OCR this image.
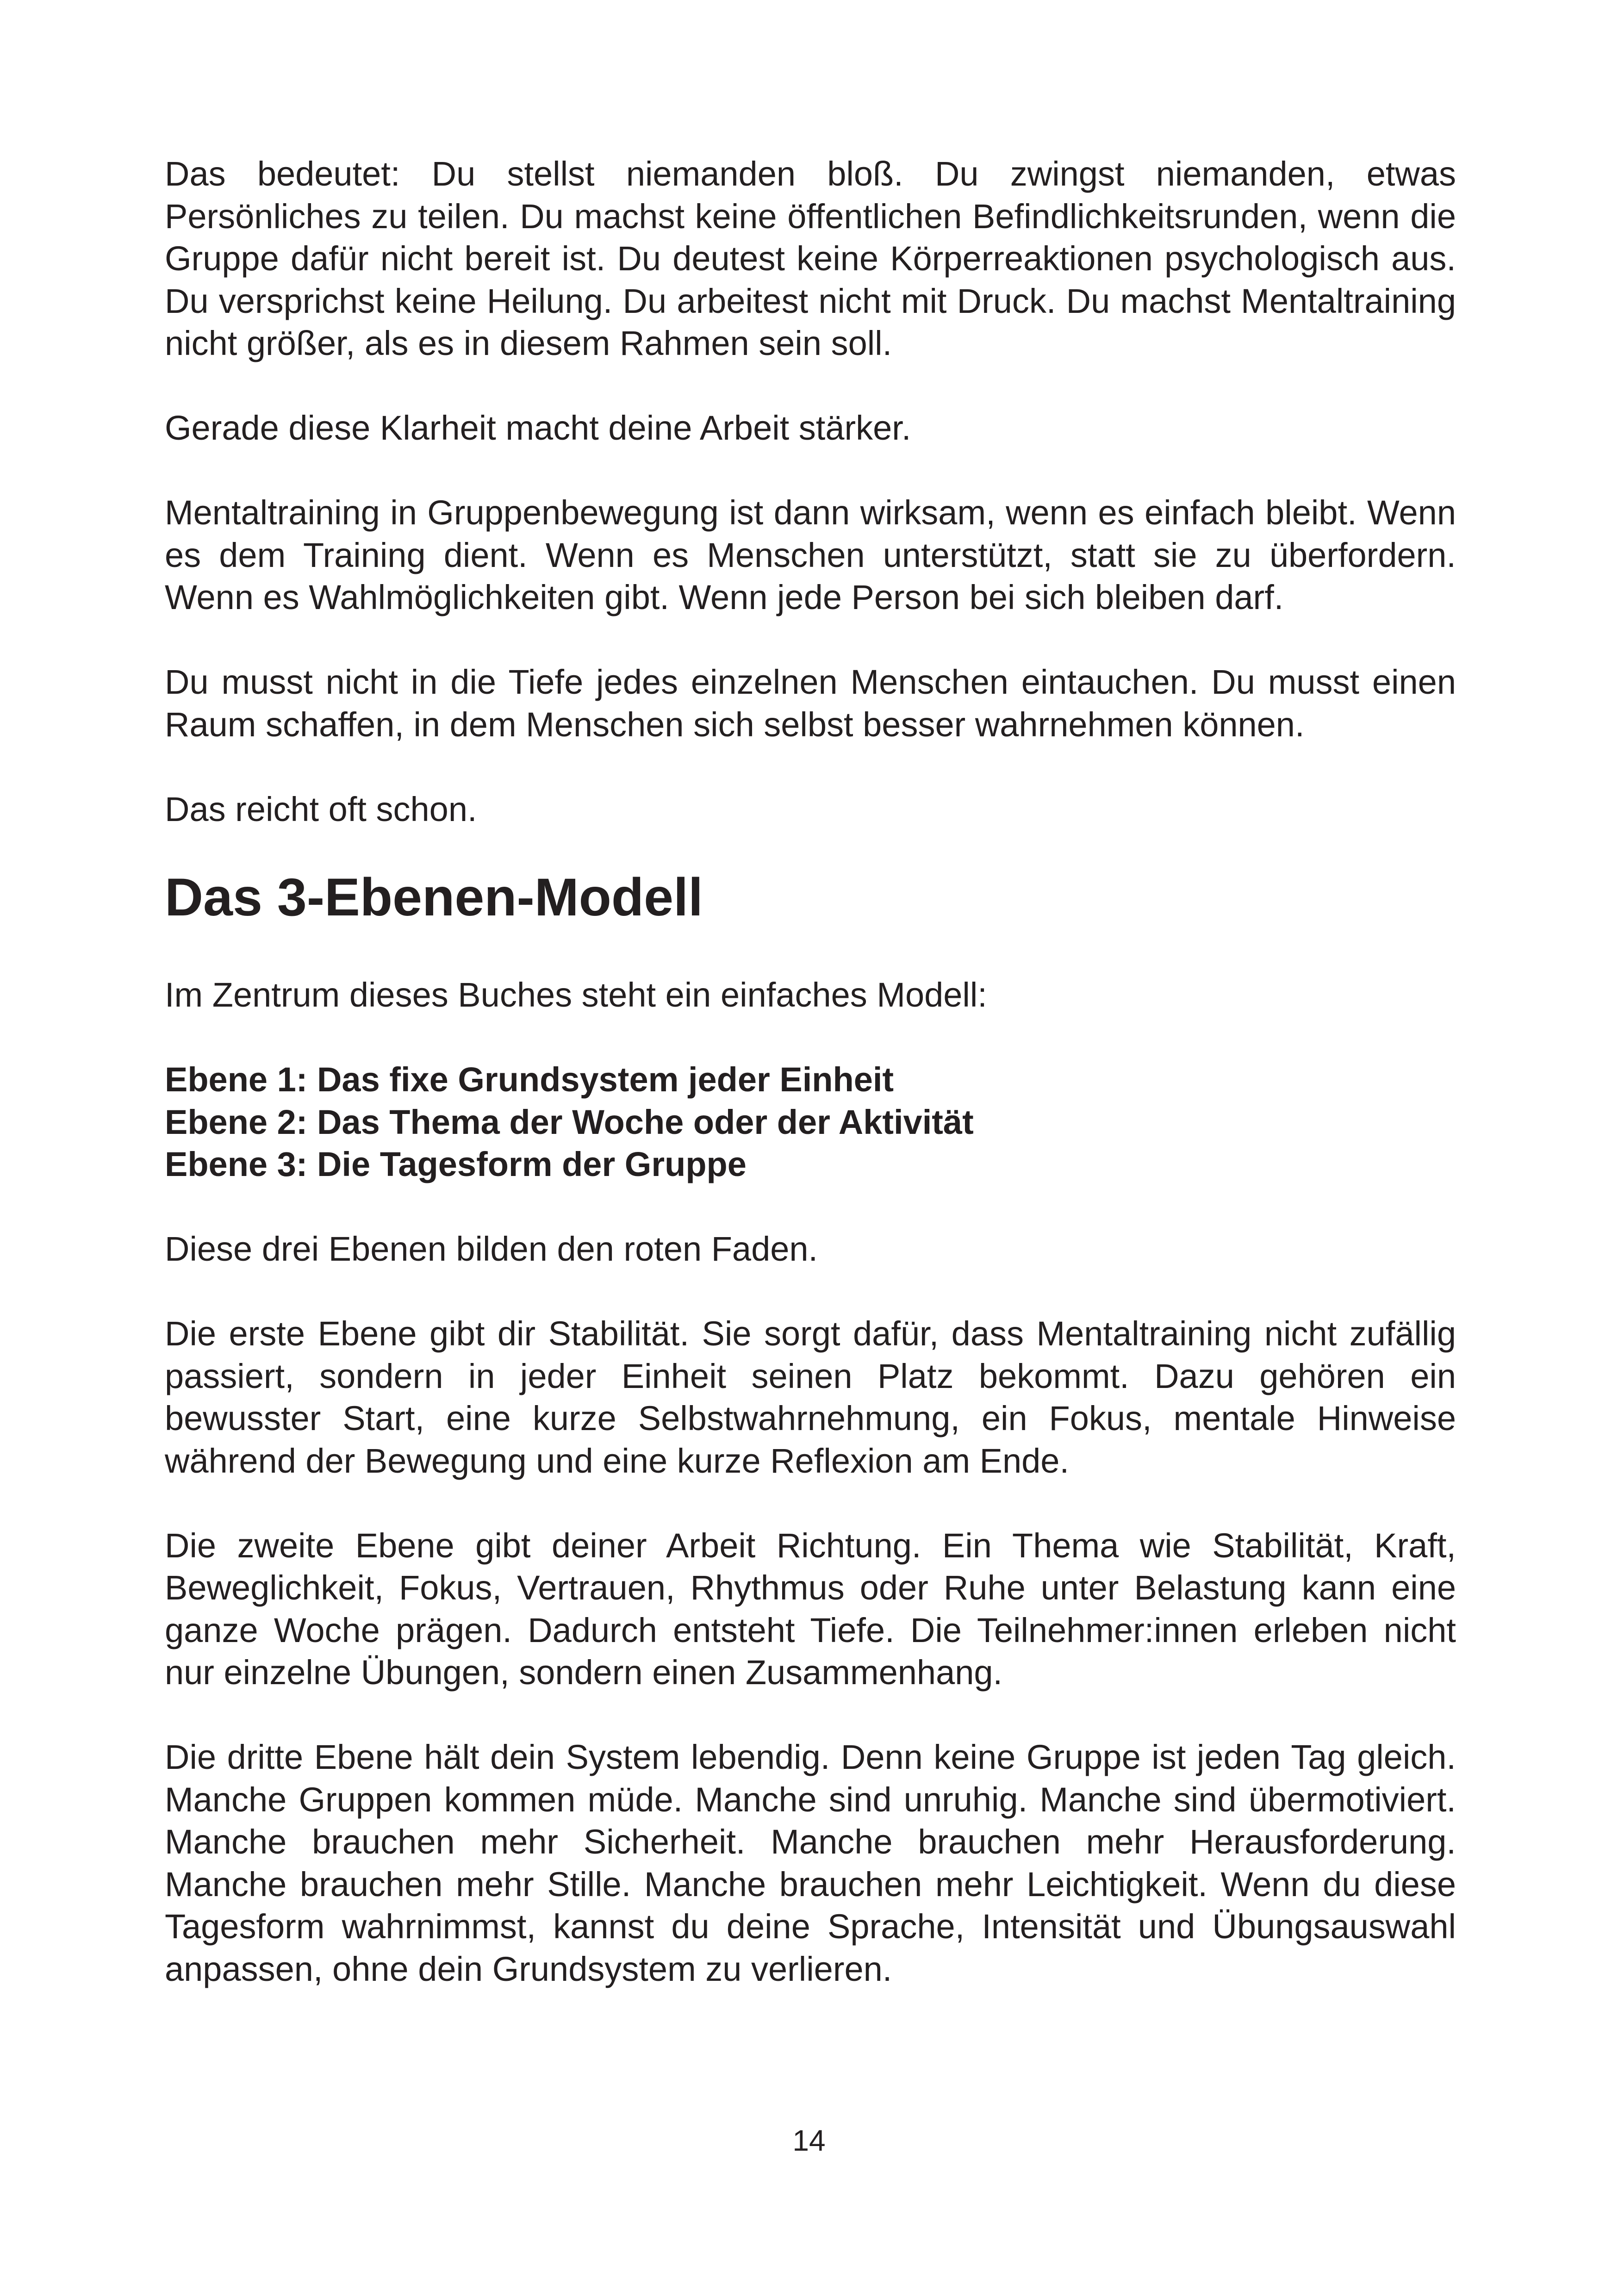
Das bedeutet: Du stellst niemanden bloß. Du zwingst niemanden, etwas Persönliches zu teilen. Du machst keine öffentlichen Befindlichkeitsrunden, wenn die Gruppe dafür nicht bereit ist. Du deutest keine Körperreaktionen psychologisch aus. Du versprichst keine Heilung. Du arbeitest nicht mit Druck. Du machst Mentaltraining nicht größer, als es in diesem Rahmen sein soll.

Gerade diese Klarheit macht deine Arbeit stärker.

Mentaltraining in Gruppenbewegung ist dann wirksam, wenn es einfach bleibt. Wenn es dem Training dient. Wenn es Menschen unterstützt, statt sie zu überfordern. Wenn es Wahlmöglichkeiten gibt. Wenn jede Person bei sich bleiben darf.

Du musst nicht in die Tiefe jedes einzelnen Menschen eintauchen. Du musst einen Raum schaffen, in dem Menschen sich selbst besser wahrnehmen können.

Das reicht oft schon.

Das 3-Ebenen-Modell

Im Zentrum dieses Buches steht ein einfaches Modell:

Ebene 1: Das fixe Grundsystem jeder Einheit
Ebene 2: Das Thema der Woche oder der Aktivität
Ebene 3: Die Tagesform der Gruppe

Diese drei Ebenen bilden den roten Faden.

Die erste Ebene gibt dir Stabilität. Sie sorgt dafür, dass Mentaltraining nicht zufällig passiert, sondern in jeder Einheit seinen Platz bekommt. Dazu gehören ein bewusster Start, eine kurze Selbstwahrnehmung, ein Fokus, mentale Hinweise während der Bewegung und eine kurze Reflexion am Ende.

Die zweite Ebene gibt deiner Arbeit Richtung. Ein Thema wie Stabilität, Kraft, Beweglichkeit, Fokus, Vertrauen, Rhythmus oder Ruhe unter Belastung kann eine ganze Woche prägen. Dadurch entsteht Tiefe. Die Teilnehmer:innen erleben nicht nur einzelne Übungen, sondern einen Zusammenhang.

Die dritte Ebene hält dein System lebendig. Denn keine Gruppe ist jeden Tag gleich. Manche Gruppen kommen müde. Manche sind unruhig. Manche sind übermotiviert. Manche brauchen mehr Sicherheit. Manche brauchen mehr Herausforderung. Manche brauchen mehr Stille. Manche brauchen mehr Leichtigkeit. Wenn du diese Tagesform wahrnimmst, kannst du deine Sprache, Intensität und Übungsauswahl anpassen, ohne dein Grundsystem zu verlieren.

14
